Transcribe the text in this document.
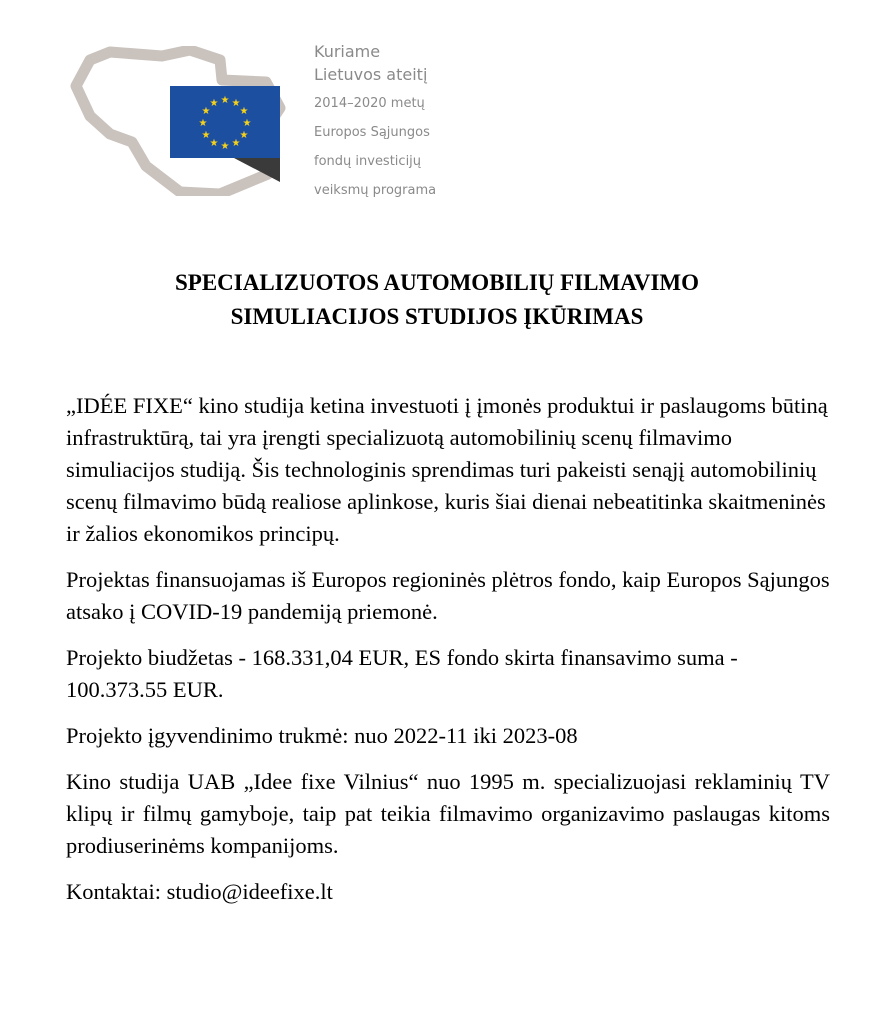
★ ★
★
★
★
★
★
★
★
★
★
★
Kuriame
Lietuvos ateitį
2014–2020 metų
Europos Sąjungos
fondų investicijų
veiksmų programa
SPECIALIZUOTOS AUTOMOBILIŲ FILMAVIMO
SIMULIACIJOS STUDIJOS ĮKŪRIMAS

„IDÉE FIXE“ kino studija ketina investuoti į įmonės produktui ir paslaugoms būtiną infrastruktūrą, tai yra įrengti specializuotą automobilinių scenų filmavimo simuliacijos studiją. Šis technologinis sprendimas turi pakeisti senąjį automobilinių scenų filmavimo būdą realiose aplinkose, kuris šiai dienai nebeatitinka skaitmeninės ir žalios ekonomikos principų.

Projektas finansuojamas iš Europos regioninės plėtros fondo, kaip Europos Sąjungos atsako į COVID-19 pandemiją priemonė.

Projekto biudžetas - 168.331,04 EUR, ES fondo skirta finansavimo suma - 100.373.55 EUR.

Projekto įgyvendinimo trukmė: nuo 2022-11 iki 2023-08

Kino studija UAB „Idee fixe Vilnius“ nuo 1995 m. specializuojasi reklaminių TV klipų ir filmų gamyboje, taip pat teikia filmavimo organizavimo paslaugas kitoms prodiuserinėms kompanijoms.

Kontaktai: studio@ideefixe.lt
